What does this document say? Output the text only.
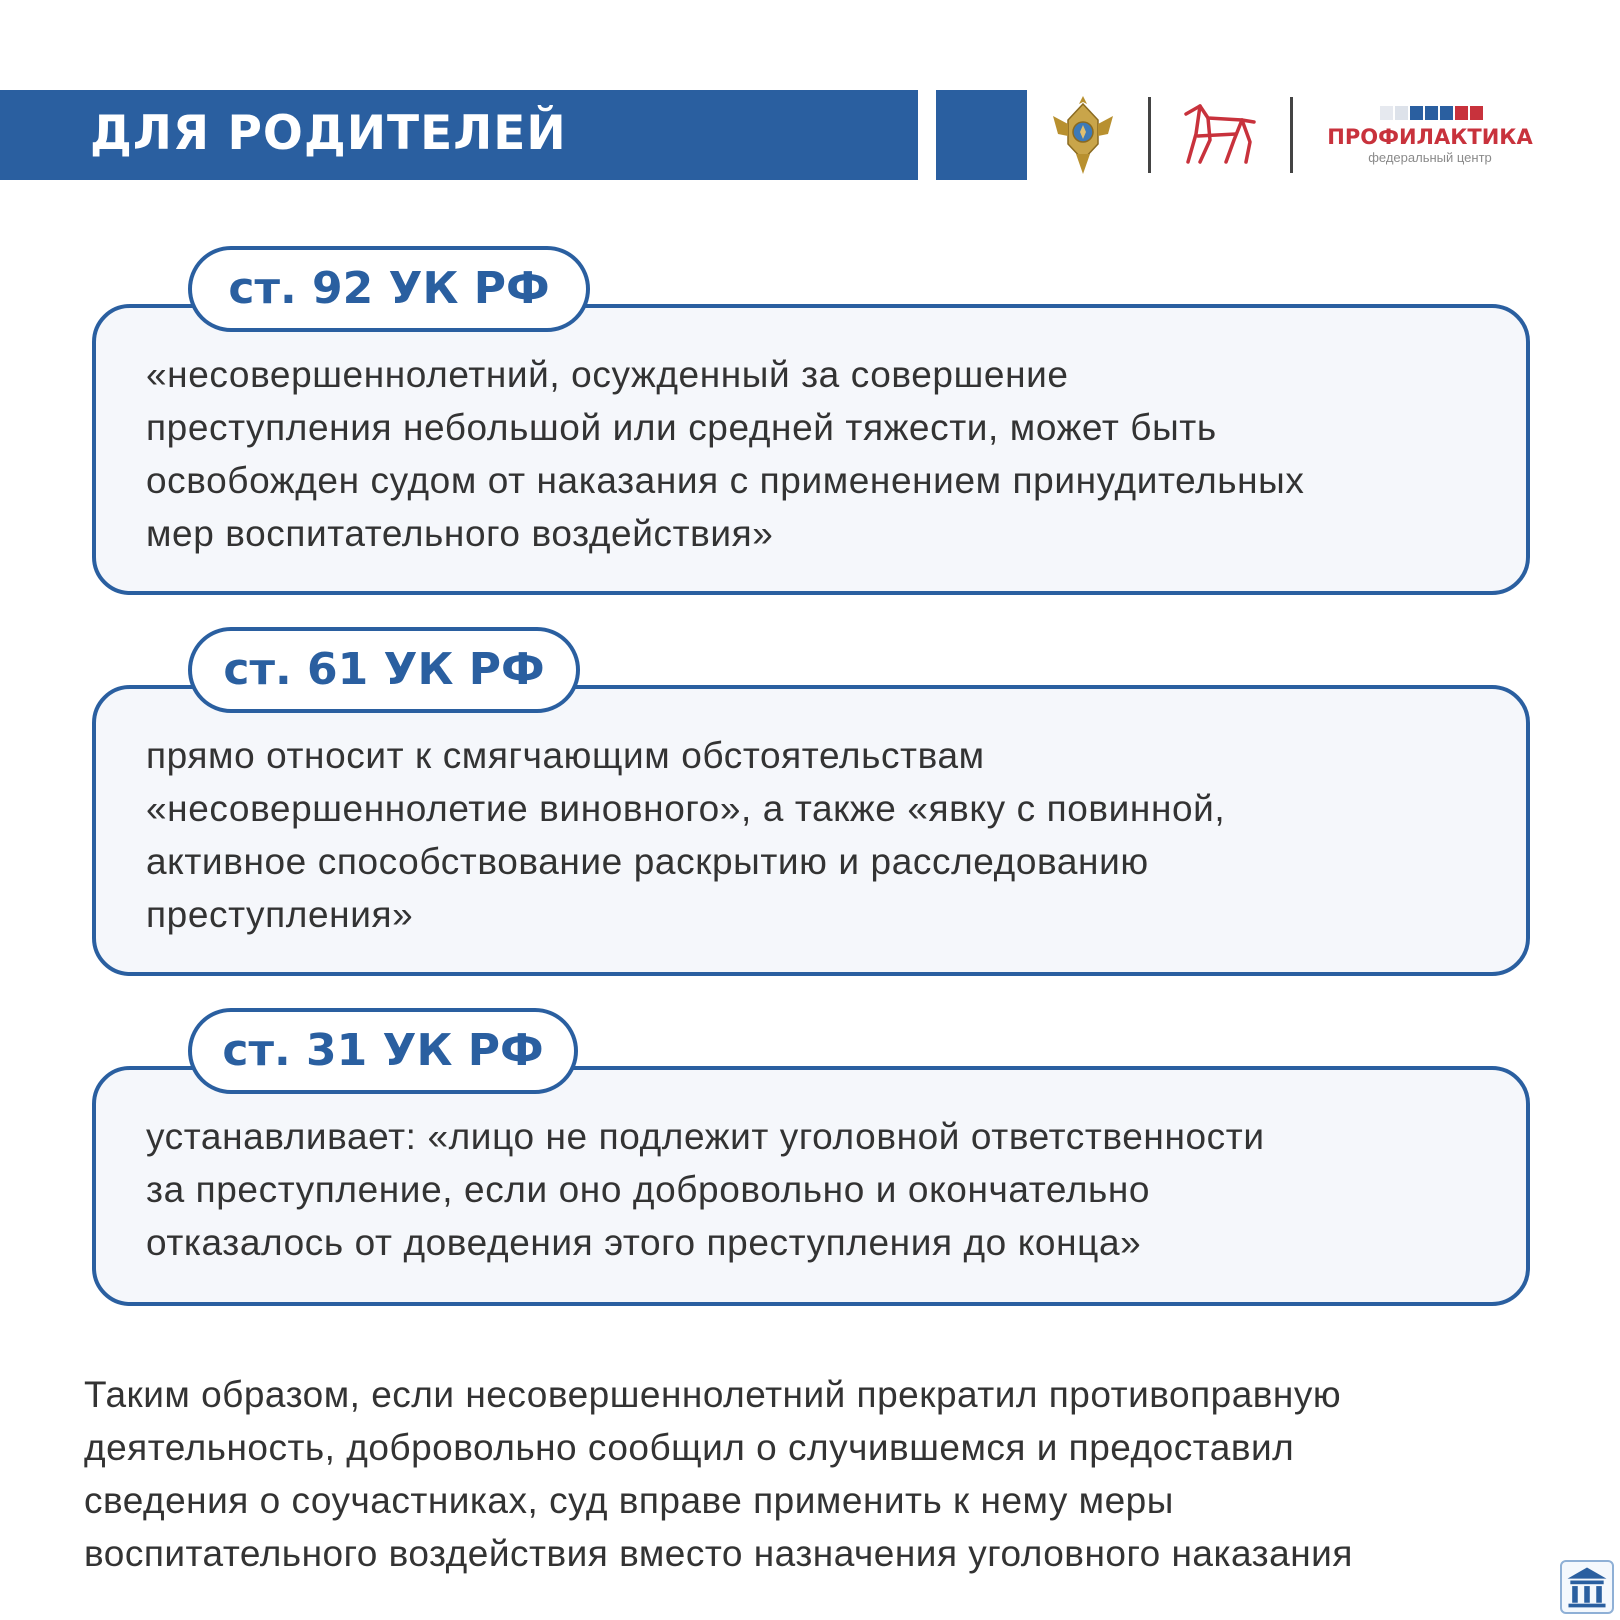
ДЛЯ РОДИТЕЛЕЙ	ПРОФИЛАКТИКА
федеральный центр
«несовершеннолетний, осужденный за совершение
преступления небольшой или средней тяжести, может быть
освобожден судом от наказания с применением принудительных
мер воспитательного воздействия»
ст. 92 УК РФ
прямо относит к смягчающим обстоятельствам
«несовершеннолетие виновного», а также «явку с повинной,
активное способствование раскрытию и расследованию
преступления»
ст. 61 УК РФ
устанавливает: «лицо не подлежит уголовной ответственности
за преступление, если оно добровольно и окончательно
отказалось от доведения этого преступления до конца»
ст. 31 УК РФ
Таким образом, если несовершеннолетний прекратил противоправную
деятельность, добровольно сообщил о случившемся и предоставил
сведения о соучастниках, суд вправе применить к нему меры
воспитательного воздействия вместо назначения уголовного наказания
